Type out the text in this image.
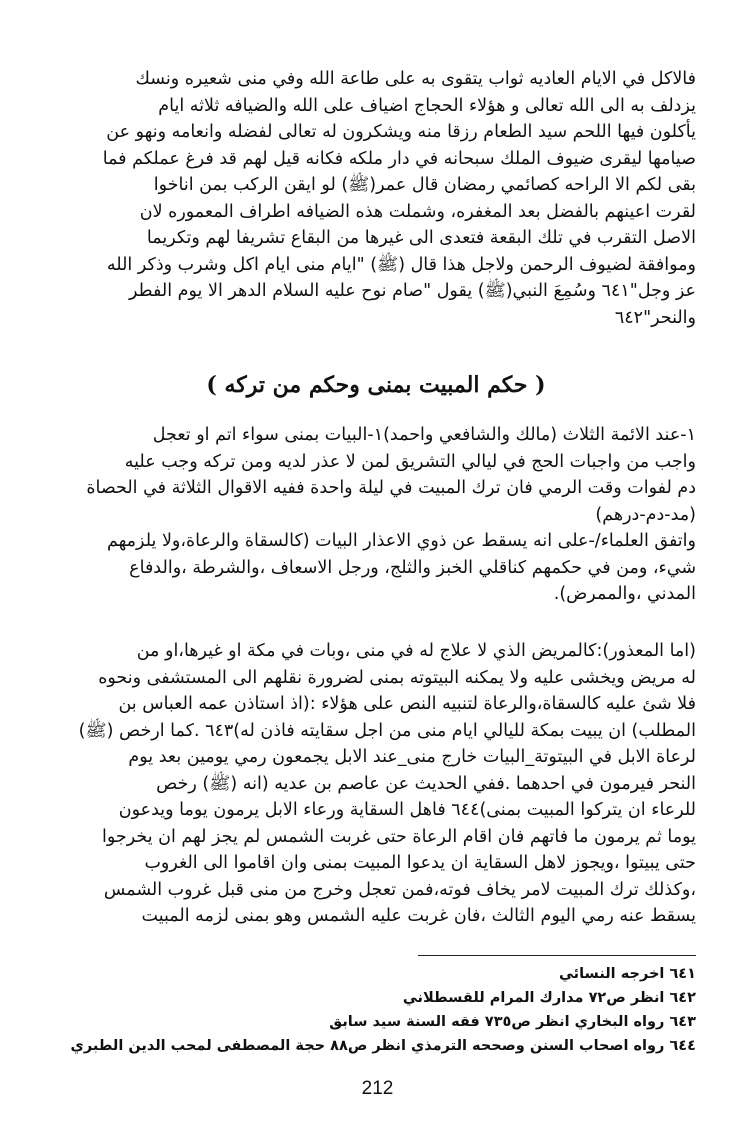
فالاكل في الايام العاديه ثواب يتقوى به على طاعة الله وفي منى شعيره ونسك
يزدلف به الى الله تعالى و هؤلاء الحجاج اضياف على الله والضيافه ثلاثه ايام
يأكلون فيها اللحم سيد الطعام رزقا منه ويشكرون له تعالى لفضله وانعامه ونهو عن
صيامها ليقرى ضيوف الملك سبحانه في دار ملكه فكانه قيل لهم قد فرغ عملكم فما
بقى لكم الا الراحه كصائمي رمضان قال عمر(ﷺ) لو ايقن الركب بمن اناخوا
لقرت اعينهم بالفضل بعد المغفره، وشملت هذه الضيافه اطراف المعموره لان
الاصل التقرب في تلك البقعة فتعدى الى غيرها من البقاع تشريفا لهم وتكريما
وموافقة لضيوف الرحمن ولاجل هذا قال (ﷺ) "ايام منى ايام اكل وشرب وذكر الله
عز وجل"٦٤١ وسُمِعَ النبي(ﷺ) يقول "صام نوح عليه السلام الدهر الا يوم الفطر
والنحر"٦٤٢
( حكم المبيت بمنى وحكم من تركه )
١-عند الائمة الثلاث (مالك والشافعي واحمد)١-البيات بمنى سواء اتم او تعجل
واجب من واجبات الحج في ليالي التشريق لمن لا عذر لديه ومن تركه وجب عليه
دم لفوات وقت الرمي فان ترك المبيت في ليلة واحدة ففيه الاقوال الثلاثة في الحصاة
(مد-دم-درهم)
واتفق العلماء/-على انه يسقط عن ذوي الاعذار البيات (كالسقاة والرعاة،ولا يلزمهم
شيء، ومن في حكمهم كناقلي الخبز والثلج، ورجل الاسعاف ،والشرطة ،والدفاع
المدني ،والممرض).
(اما المعذور):كالمريض الذي لا علاج له في منى ،وبات في مكة او غيرها،او من
له مريض ويخشى عليه ولا يمكنه البيتوته بمنى لضرورة نقلهم الى المستشفى ونحوه
فلا شئ عليه كالسقاة،والرعاة لتنبيه النص على هؤلاء :(اذ استاذن عمه العباس بن
المطلب) ان يبيت بمكة لليالي ايام منى من اجل سقايته فاذن له)٦٤٣ .كما ارخص (ﷺ)
لرعاة الابل في البيتوتة_البيات خارج منى_عند الابل يجمعون رمي يومين بعد يوم
النحر فيرمون في احدهما .ففي الحديث عن عاصم بن عديه (انه (ﷺ) رخص
للرعاء ان يتركوا المبيت بمنى)٦٤٤ فاهل السقاية ورعاء الابل يرمون يوما ويدعون
يوما ثم يرمون ما فاتهم فان اقام الرعاة حتى غربت الشمس لم يجز لهم ان يخرجوا
حتى يبيتوا ،ويجوز لاهل السقاية ان يدعوا المبيت بمنى وان اقاموا الى الغروب
،وكذلك ترك المبيت لامر يخاف فوته،فمن تعجل وخرج من منى قبل غروب الشمس
يسقط عنه رمي اليوم الثالث ،فان غربت عليه الشمس وهو بمنى لزمه المبيت
٦٤١ اخرجه النسائي
٦٤٢ انظر ص٧٢ مدارك المرام للقسطلاني
٦٤٣ رواه البخاري انظر ص٧٣٥ فقه السنة سيد سابق
٦٤٤ رواه اصحاب السنن وصححه الترمذي انظر ص٨٨ حجة المصطفى لمحب الدين الطبري
212
